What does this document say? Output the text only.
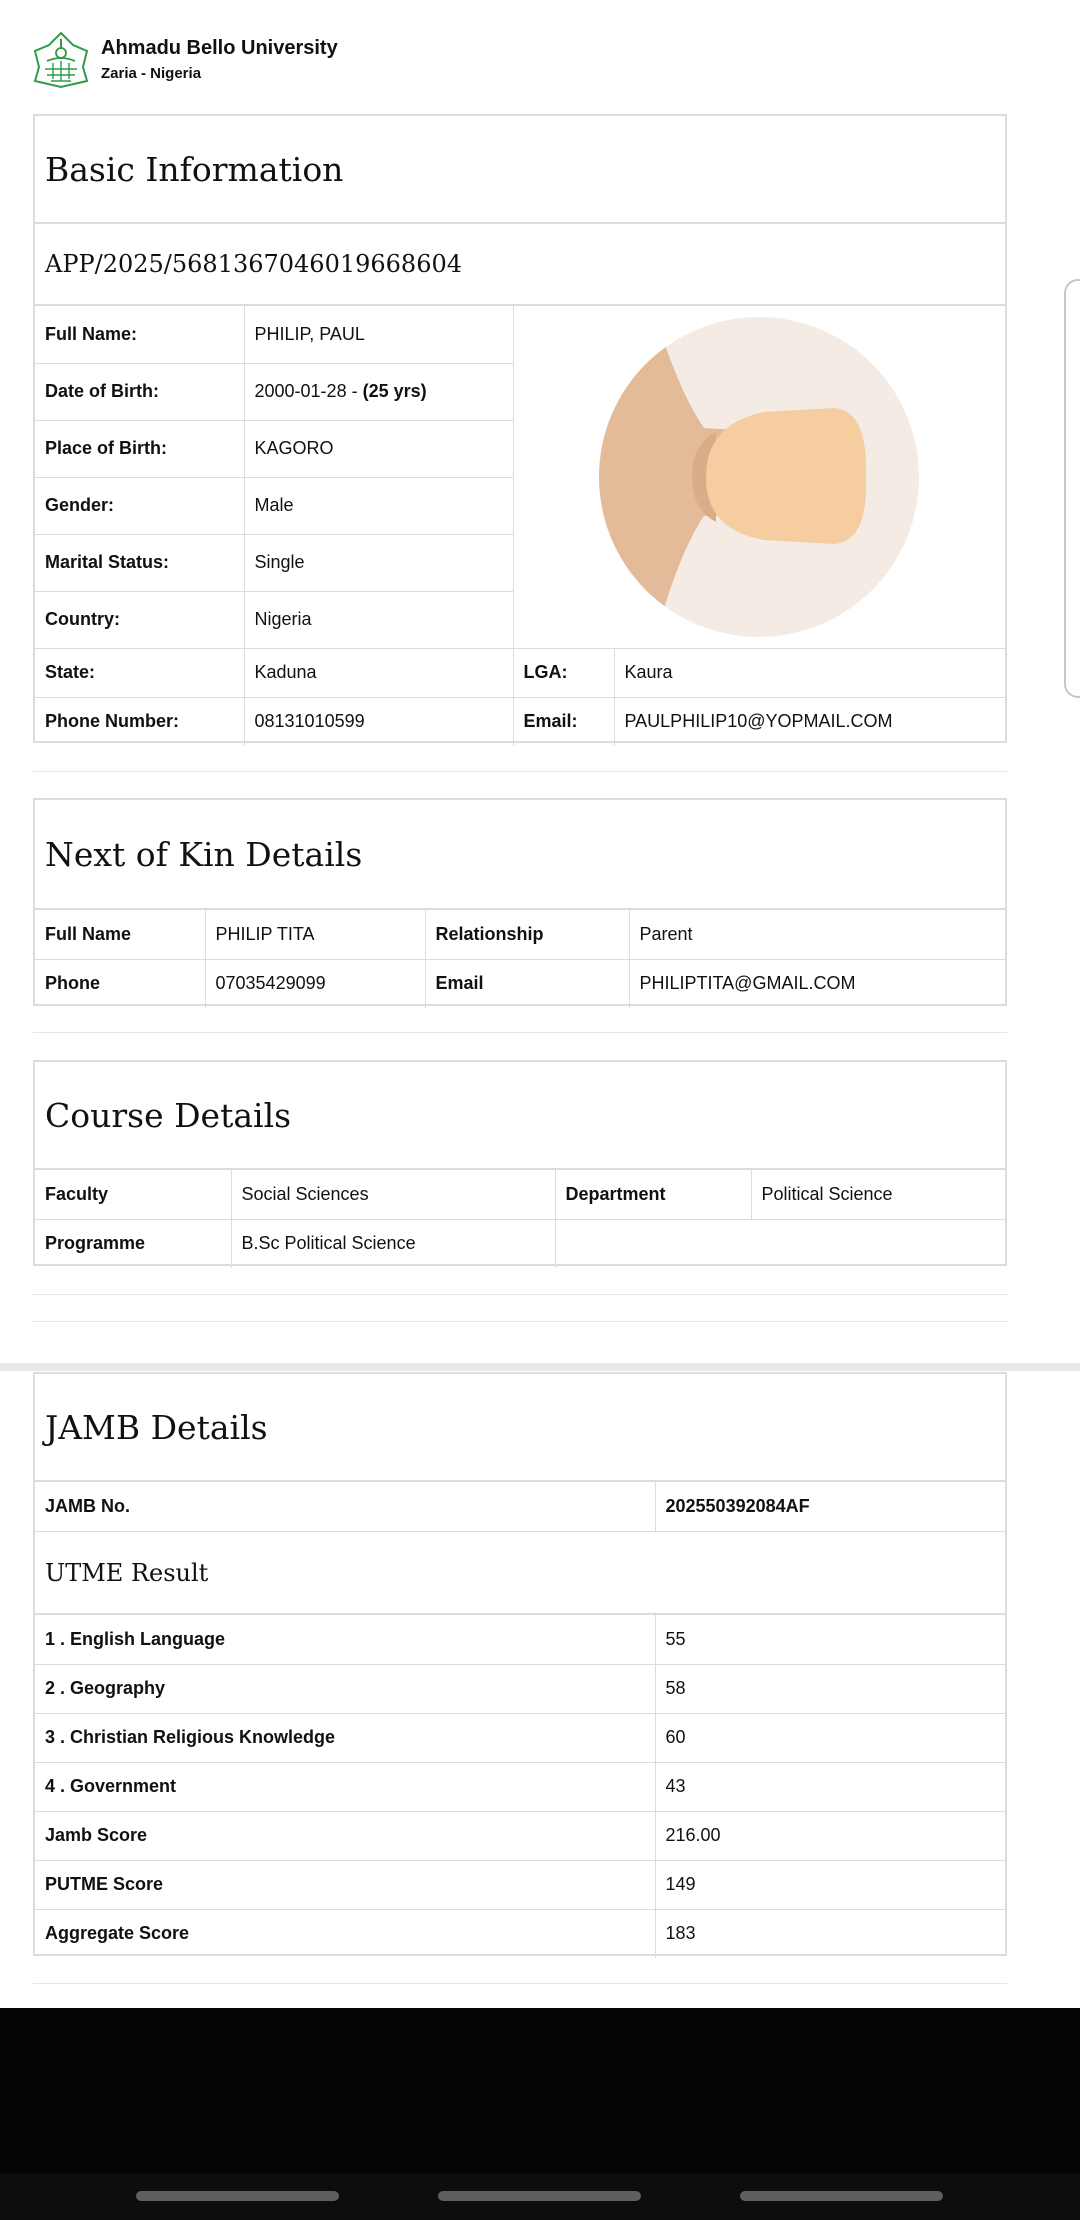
Ahmadu Bello University
Zaria - Nigeria
Basic Information
APP/2025/5681367046019668604
Full Name:	PHILIP, PAUL	

Date of Birth:	2000-01-28 - (25 yrs)		
Place of Birth:	KAGORO		
Gender:	Male		
Marital Status:	Single		
Country:	Nigeria		
State:	Kaduna	LGA:	Kaura
Phone Number:	08131010599	Email:	PAULPHILIP10@YOPMAIL.COM
Next of Kin Details
Full Name	PHILIP TITA	Relationship	Parent
Phone	07035429099	Email	PHILIPTITA@GMAIL.COM
Course Details
Faculty	Social Sciences	Department	Political Science
Programme	B.Sc Political Science		
JAMB Details
JAMB No.	202550392084AF
UTME Result
1 . English Language	55
2 . Geography	58
3 . Christian Religious Knowledge	60
4 . Government	43
Jamb Score	216.00
PUTME Score	149
Aggregate Score	183
